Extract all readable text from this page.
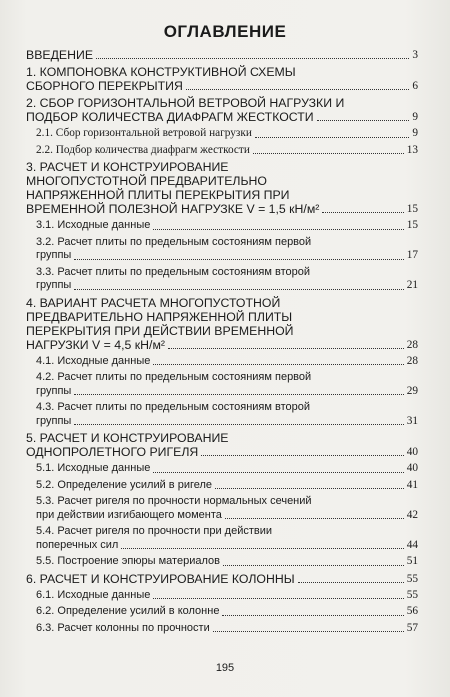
ОГЛАВЛЕНИЕ
ВВЕДЕНИЕ	3
1. КОМПОНОВКА КОНСТРУКТИВНОЙ СХЕМЫ
СБОРНОГО ПЕРЕКРЫТИЯ	6
2. СБОР ГОРИЗОНТАЛЬНОЙ ВЕТРОВОЙ НАГРУЗКИ И
ПОДБОР КОЛИЧЕСТВА ДИАФРАГМ ЖЕСТКОСТИ	9
2.1. Сбор горизонтальной ветровой нагрузки	9
2.2. Подбор количества диафрагм жесткости	13
3. РАСЧЕТ И КОНСТРУИРОВАНИЕ
МНОГОПУСТОТНОЙ ПРЕДВАРИТЕЛЬНО
НАПРЯЖЕННОЙ ПЛИТЫ ПЕРЕКРЫТИЯ ПРИ
ВРЕМЕННОЙ ПОЛЕЗНОЙ НАГРУЗКЕ V = 1,5 кН/м²	15
3.1. Исходные данные	15
3.2. Расчет плиты по предельным состояниям первой
группы	17
3.3. Расчет плиты по предельным состояниям второй
группы	21
4. ВАРИАНТ РАСЧЕТА МНОГОПУСТОТНОЙ
ПРЕДВАРИТЕЛЬНО НАПРЯЖЕННОЙ ПЛИТЫ
ПЕРЕКРЫТИЯ ПРИ ДЕЙСТВИИ ВРЕМЕННОЙ
НАГРУЗКИ V = 4,5 кН/м²	28
4.1. Исходные данные	28
4.2. Расчет плиты по предельным состояниям первой
группы	29
4.3. Расчет плиты по предельным состояниям второй
группы	31
5. РАСЧЕТ И КОНСТРУИРОВАНИЕ
ОДНОПРОЛЕТНОГО РИГЕЛЯ	40
5.1. Исходные данные	40
5.2. Определение усилий в ригеле	41
5.3. Расчет ригеля по прочности нормальных сечений
при действии изгибающего момента	42
5.4. Расчет ригеля по прочности при действии
поперечных сил	44
5.5. Построение эпюры материалов	51
6. РАСЧЕТ И КОНСТРУИРОВАНИЕ КОЛОННЫ	55
6.1. Исходные данные	55
6.2. Определение усилий в колонне	56
6.3. Расчет колонны по прочности	57
195
